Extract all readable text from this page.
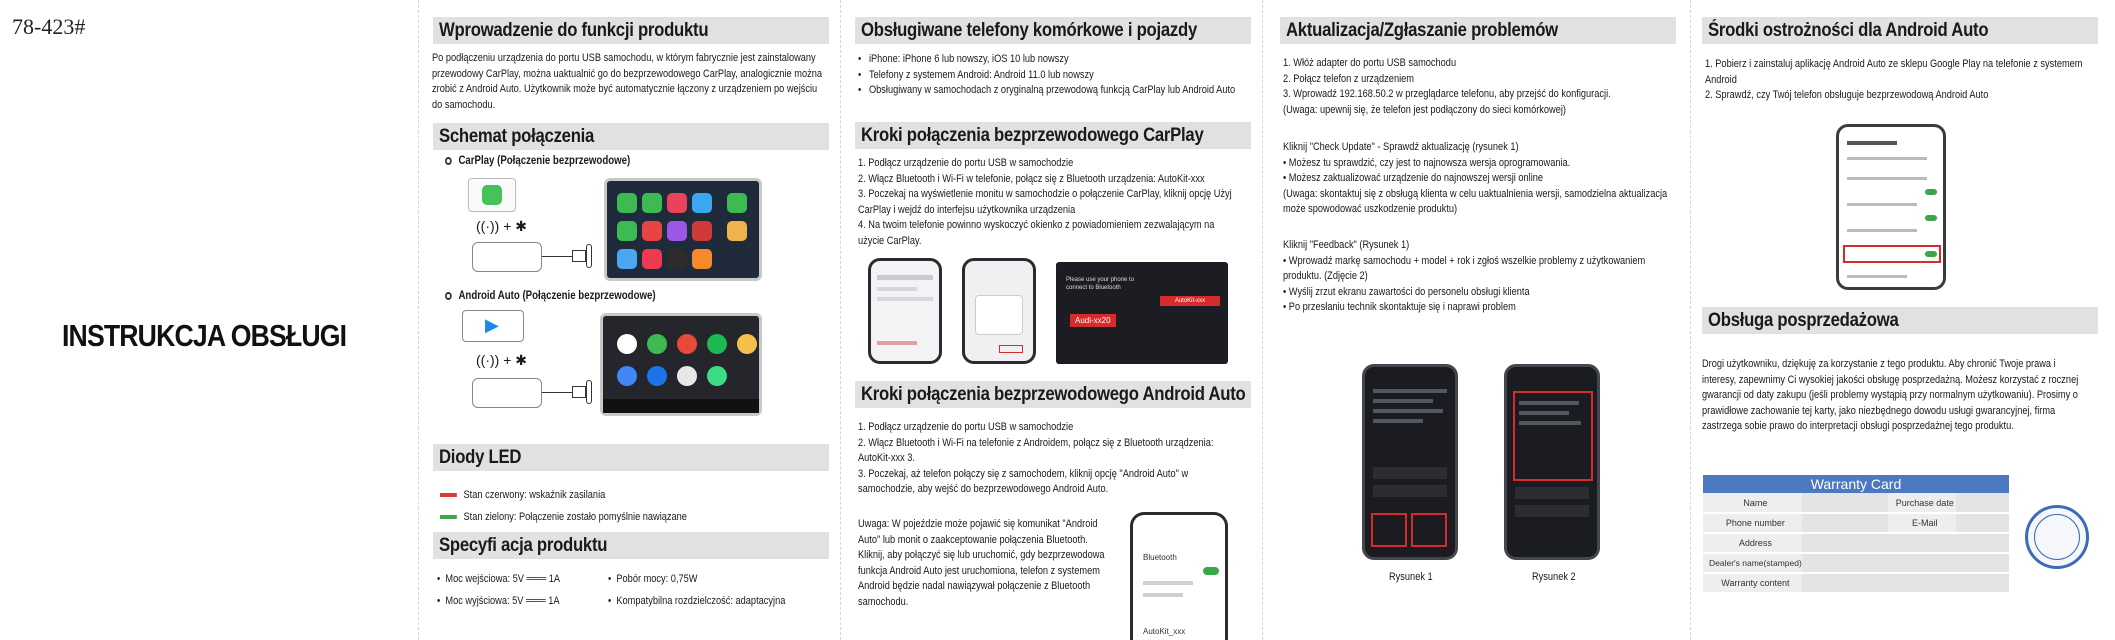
78-423#
INSTRUKCJA OBSŁUGI
Wprowadzenie do funkcji produktu
Po podłączeniu urządzenia do portu USB samochodu, w którym fabrycznie jest zainstalowany
przewodowy CarPlay, można uaktualnić go do bezprzewodowego CarPlay, analogicznie można
zrobić z Android Auto. Użytkownik może być automatycznie łączony z urządzeniem po wejściu
do samochodu.
Schemat połączenia
CarPlay (Połączenie bezprzewodowe)
((·)) + ✱
Android Auto (Połączenie bezprzewodowe)
▶
((·)) + ✱
Diody LED
Stan czerwony: wskaźnik zasilania
Stan zielony: Połączenie zostało pomyślnie nawiązane
Specyfi acja produktu
•  Moc wejściowa: 5V ═══ 1A
•  Moc wyjściowa: 5V ═══ 1A
•  Pobór mocy: 0,75W
•  Kompatybilna rozdzielczość: adaptacyjna
Obsługiwane telefony komórkowe i pojazdy
•   iPhone: iPhone 6 lub nowszy, iOS 10 lub nowszy
•   Telefony z systemem Android: Android 11.0 lub nowszy
•   Obsługiwany w samochodach z oryginalną przewodową funkcją CarPlay lub Android Auto
Kroki połączenia bezprzewodowego CarPlay
1. Podłącz urządzenie do portu USB w samochodzie
2. Włącz Bluetooth i Wi-Fi w telefonie, połącz się z Bluetooth urządzenia: AutoKit-xxx
3. Poczekaj na wyświetlenie monitu w samochodzie o połączenie CarPlay, kliknij opcję Użyj
CarPlay i wejdź do interfejsu użytkownika urządzenia
4. Na twoim telefonie powinno wyskoczyć okienko z powiadomieniem zezwalającym na
użycie CarPlay.
Please use your phone to connect to Bluetooth
Audi-xx20
AutoKit-xxx
Kroki połączenia bezprzewodowego Android Auto
1. Podłącz urządzenie do portu USB w samochodzie
2. Włącz Bluetooth i Wi-Fi na telefonie z Androidem, połącz się z Bluetooth urządzenia:
AutoKit-xxx 3.
3. Poczekaj, aż telefon połączy się z samochodem, kliknij opcję "Android Auto" w
samochodzie, aby wejść do bezprzewodowego Android Auto.
Uwaga: W pojeździe może pojawić się komunikat "Android
Auto" lub monit o zaakceptowanie połączenia Bluetooth.
Kliknij, aby połączyć się lub uruchomić, gdy bezprzewodowa
funkcja Android Auto jest uruchomiona, telefon z systemem
Android będzie nadal nawiązywał połączenie z Bluetooth
samochodu.
Bluetooth
AutoKit_xxx
Aktualizacja/Zgłaszanie problemów
1. Włóż adapter do portu USB samochodu
2. Połącz telefon z urządzeniem
3. Wprowadź 192.168.50.2 w przeglądarce telefonu, aby przejść do konfiguracji.
(Uwaga: upewnij się, że telefon jest podłączony do sieci komórkowej)
Kliknij "Check Update" - Sprawdź aktualizację (rysunek 1)
• Możesz tu sprawdzić, czy jest to najnowsza wersja oprogramowania.
• Możesz zaktualizować urządzenie do najnowszej wersji online
(Uwaga: skontaktuj się z obsługą klienta w celu uaktualnienia wersji, samodzielna aktualizacja
może spowodować uszkodzenie produktu)
Kliknij "Feedback" (Rysunek 1)
• Wprowadź markę samochodu + model + rok i zgłoś wszelkie problemy z użytkowaniem
produktu. (Zdjęcie 2)
• Wyślij zrzut ekranu zawartości do personelu obsługi klienta
• Po przesłaniu technik skontaktuje się i naprawi problem
Rysunek 1	Rysunek 2
Środki ostrożności dla Android Auto
1. Pobierz i zainstaluj aplikację Android Auto ze sklepu Google Play na telefonie z systemem
Android
2. Sprawdź, czy Twój telefon obsługuje bezprzewodową Android Auto
Obsługa posprzedażowa
Drogi użytkowniku, dziękuję za korzystanie z tego produktu. Aby chronić Twoje prawa i
interesy, zapewnimy Ci wysokiej jakości obsługę posprzedażną. Możesz korzystać z rocznej
gwarancji od daty zakupu (jeśli problemy wystąpią przy normalnym użytkowaniu). Prosimy o
prawidłowe zachowanie tej karty, jako niezbędnego dowodu usługi gwarancyjnej, firma
zastrzega sobie prawo do interpretacji obsługi posprzedażnej tego produktu.
Warranty Card			
Name		Purchase date	
Phone number		E-Mail	
Address			
Dealer's name(stamped)			
Warranty content			
